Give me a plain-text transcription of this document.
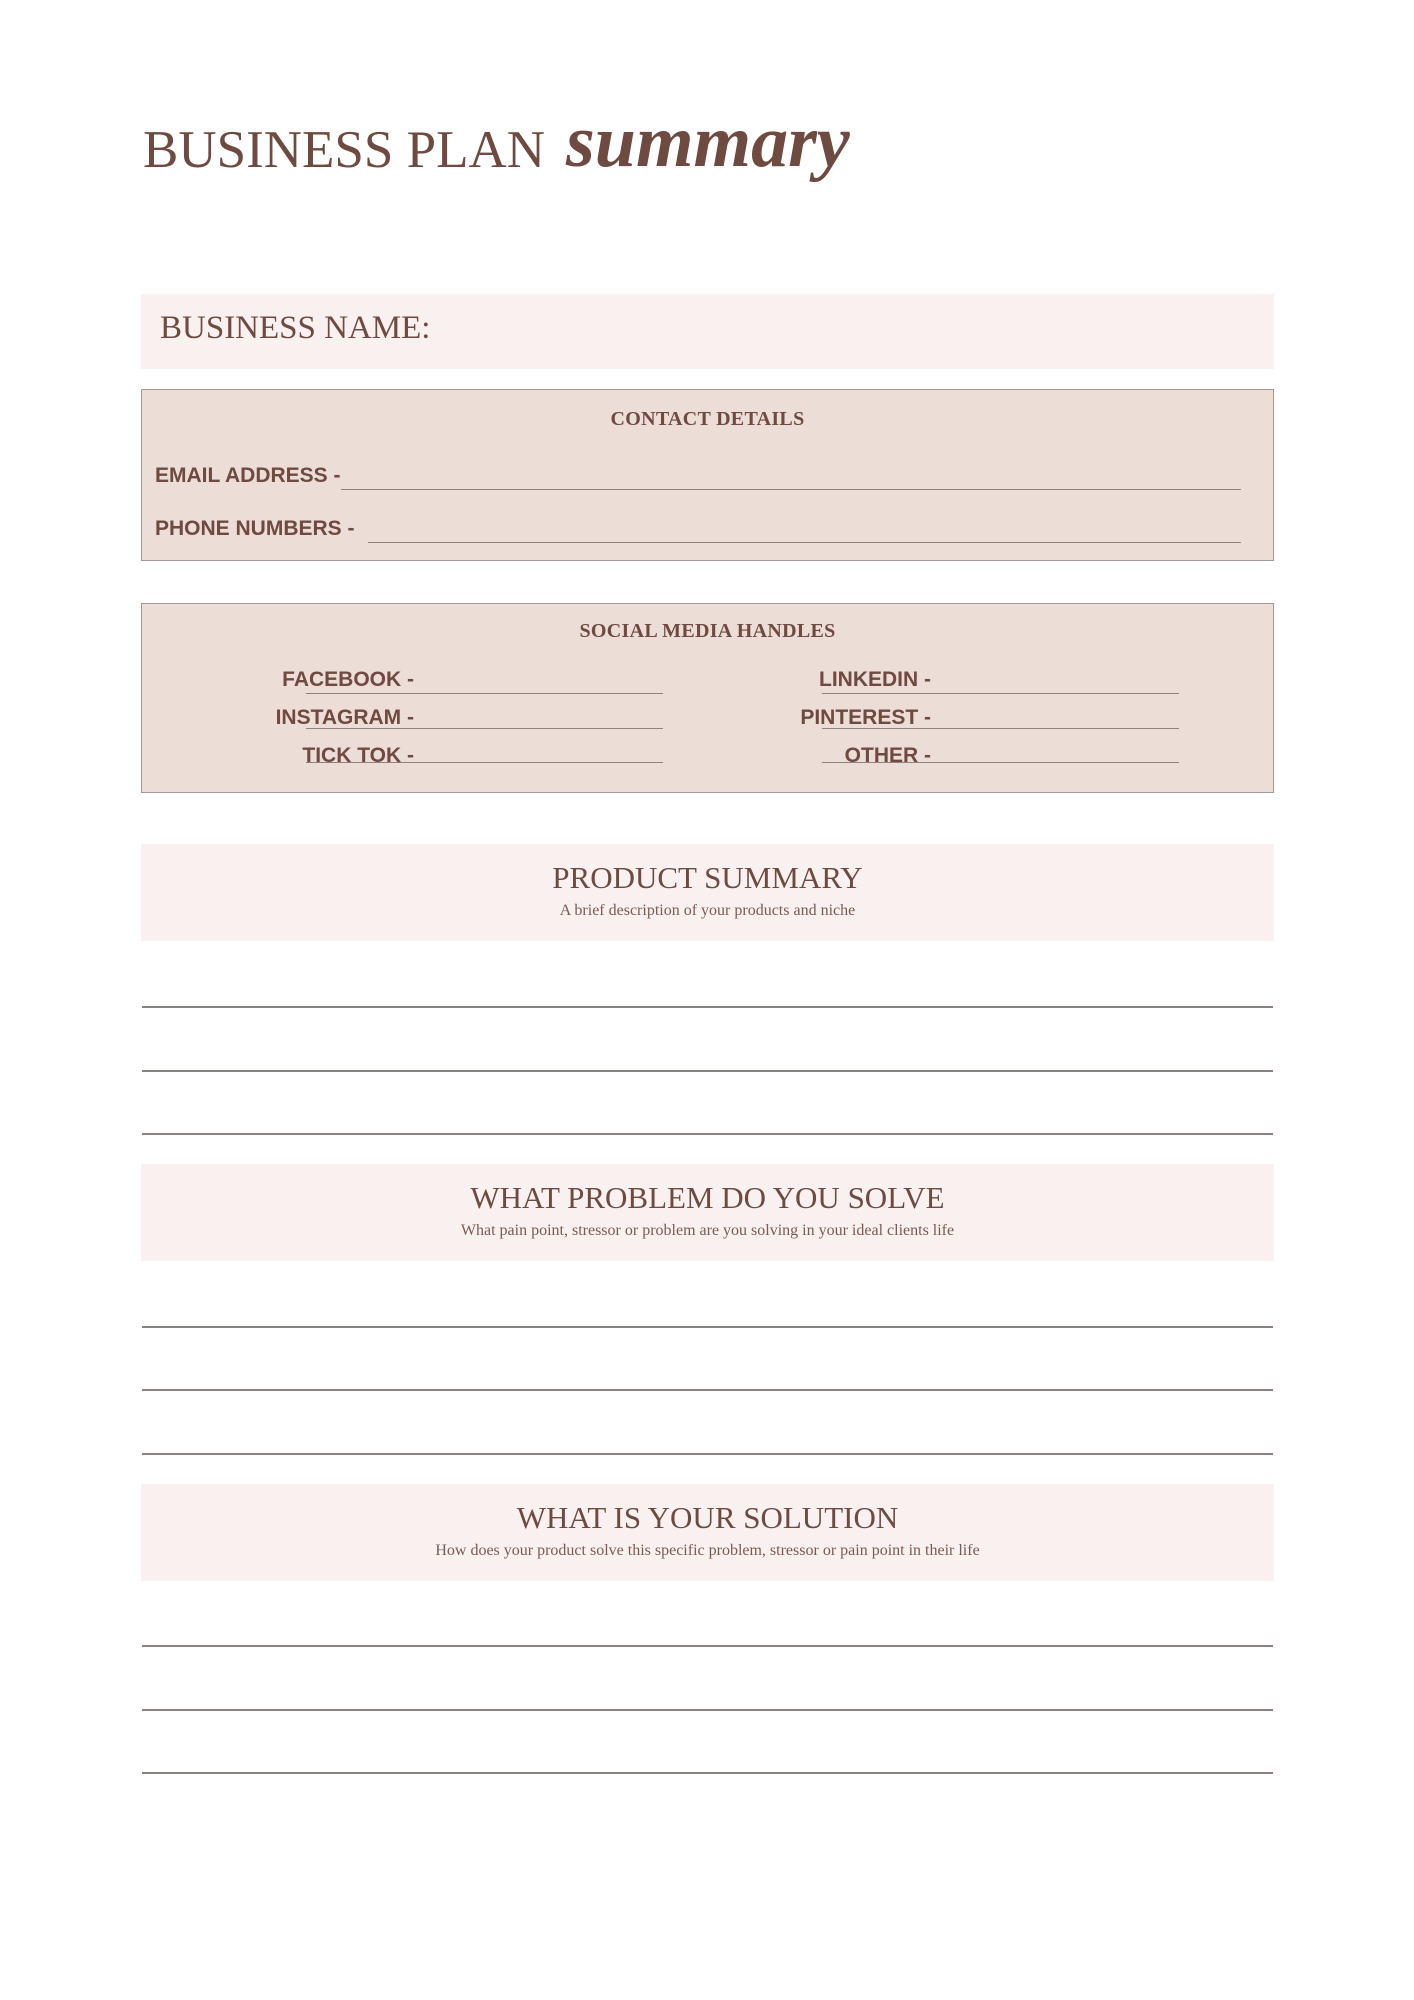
BUSINESS PLAN summary
BUSINESS NAME:
CONTACT DETAILS
EMAIL ADDRESS -
PHONE NUMBERS -
SOCIAL MEDIA HANDLES
FACEBOOK -
INSTAGRAM -
TICK TOK -
LINKEDIN -
PINTEREST -
OTHER -
PRODUCT SUMMARY
A brief description of your products and niche
WHAT PROBLEM DO YOU SOLVE
What pain point, stressor or problem are you solving in your ideal clients life
WHAT IS YOUR SOLUTION
How does your product solve this specific problem, stressor or pain point in their life
